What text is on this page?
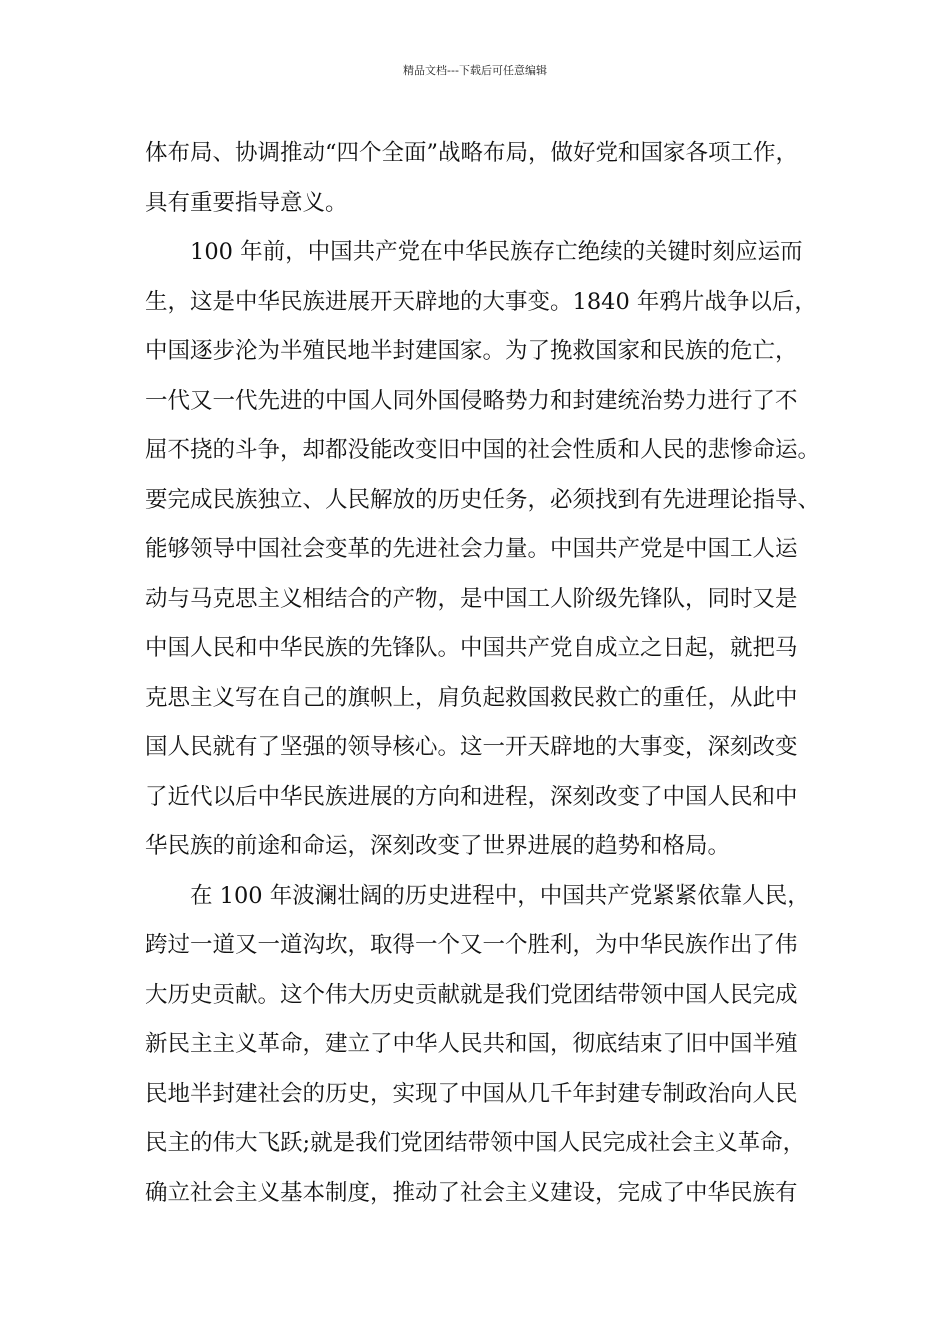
精品文档---下载后可任意编辑
体布局、协调推动“四个全面”战略布局，做好党和国家各项工作，
具有重要指导意义。
100 年前，中国共产党在中华民族存亡绝续的关键时刻应运而
生，这是中华民族进展开天辟地的大事变。1840 年鸦片战争以后，
中国逐步沦为半殖民地半封建国家。为了挽救国家和民族的危亡，
一代又一代先进的中国人同外国侵略势力和封建统治势力进行了不
屈不挠的斗争，却都没能改变旧中国的社会性质和人民的悲惨命运。
要完成民族独立、人民解放的历史任务，必须找到有先进理论指导、
能够领导中国社会变革的先进社会力量。中国共产党是中国工人运
动与马克思主义相结合的产物，是中国工人阶级先锋队，同时又是
中国人民和中华民族的先锋队。中国共产党自成立之日起，就把马
克思主义写在自己的旗帜上，肩负起救国救民救亡的重任，从此中
国人民就有了坚强的领导核心。这一开天辟地的大事变，深刻改变
了近代以后中华民族进展的方向和进程，深刻改变了中国人民和中
华民族的前途和命运，深刻改变了世界进展的趋势和格局。
在 100 年波澜壮阔的历史进程中，中国共产党紧紧依靠人民，
跨过一道又一道沟坎，取得一个又一个胜利，为中华民族作出了伟
大历史贡献。这个伟大历史贡献就是我们党团结带领中国人民完成
新民主主义革命，建立了中华人民共和国，彻底结束了旧中国半殖
民地半封建社会的历史，实现了中国从几千年封建专制政治向人民
民主的伟大飞跃;就是我们党团结带领中国人民完成社会主义革命，
确立社会主义基本制度，推动了社会主义建设，完成了中华民族有
